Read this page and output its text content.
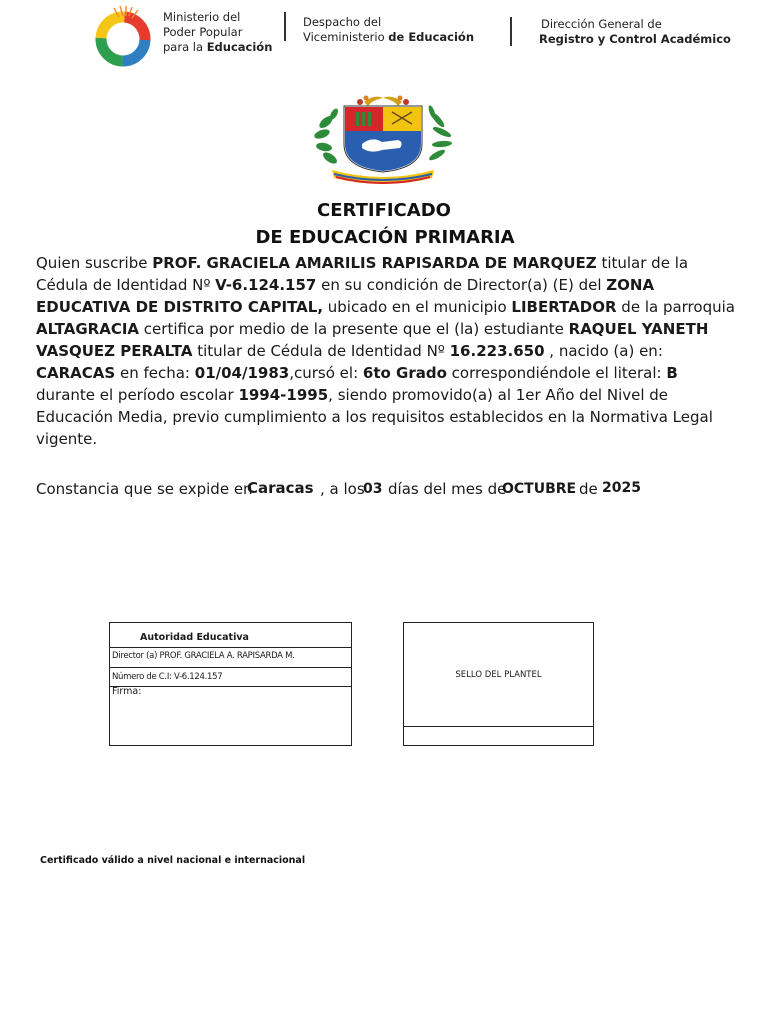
Ministerio del
Poder Popular
para la Educación
Despacho del
Viceministerio de Educación
Dirección General de
Registro y Control Académico
CERTIFICADO
DE EDUCACIÓN PRIMARIA
Quien suscribe PROF. GRACIELA AMARILIS RAPISARDA DE MARQUEZ titular de la Cédula de Identidad Nº V-6.124.157 en su condición de Director(a) (E) del ZONA EDUCATIVA DE DISTRITO CAPITAL, ubicado en el municipio LIBERTADOR de la parroquia ALTAGRACIA certifica por medio de la presente que el (la) estudiante RAQUEL YANETH VASQUEZ PERALTA titular de Cédula de Identidad Nº 16.223.650 , nacido (a) en: CARACAS en fecha: 01/04/1983,cursó el: 6to Grado correspondiéndole el literal: B durante el período escolar 1994-1995, siendo promovido(a) al 1er Año del Nivel de Educación Media, previo cumplimiento a los requisitos establecidos en la Normativa Legal vigente.
Constancia que se expide en
Caracas , a los
03 días del mes de
OCTUBRE de 2025
Autoridad Educativa
Director (a) PROF. GRACIELA A. RAPISARDA M.
Número de C.I: V-6.124.157
Firma:
SELLO DEL PLANTEL
Certificado válido a nivel nacional e internacional
